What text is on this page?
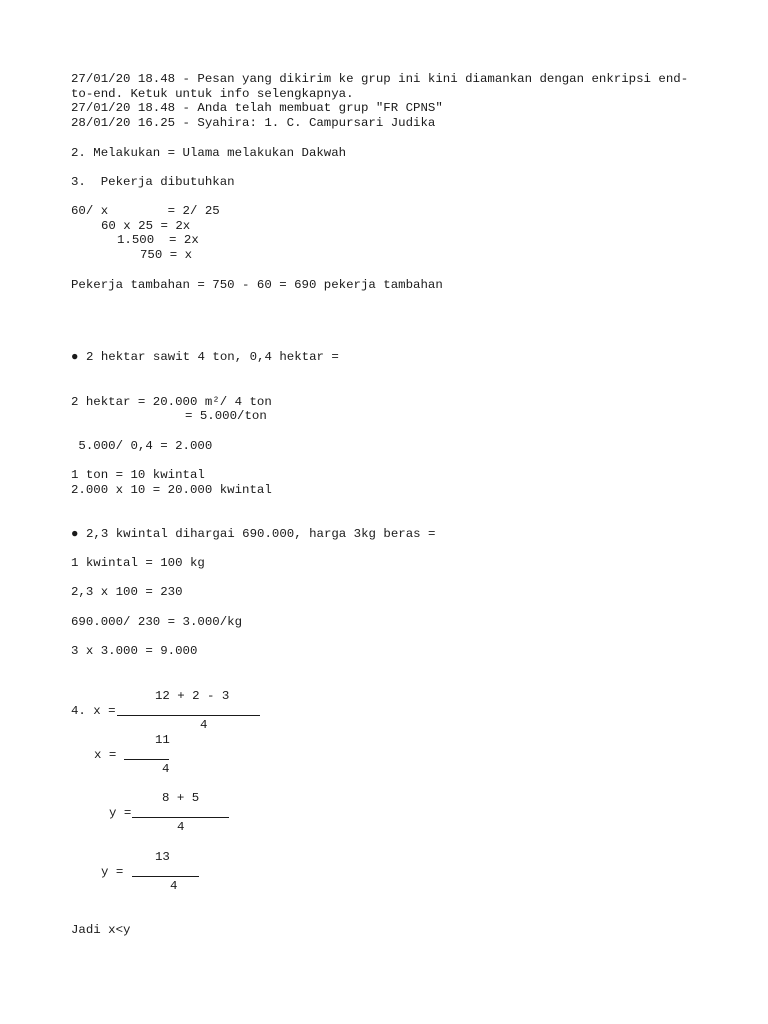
27/01/20 18.48 - Pesan yang dikirim ke grup ini kini diamankan dengan enkripsi end-
to-end. Ketuk untuk info selengkapnya.
27/01/20 18.48 - Anda telah membuat grup "FR CPNS"
28/01/20 16.25 - Syahira: 1. C. Campursari Judika
2. Melakukan = Ulama melakukan Dakwah
3.  Pekerja dibutuhkan
60/ x        = 2/ 25
60 x 25 = 2x
1.500  = 2x
750 = x
Pekerja tambahan = 750 - 60 = 690 pekerja tambahan
● 2 hektar sawit 4 ton, 0,4 hektar =
2 hektar = 20.000 m²/ 4 ton
= 5.000/ton
5.000/ 0,4 = 2.000
1 ton = 10 kwintal
2.000 x 10 = 20.000 kwintal
● 2,3 kwintal dihargai 690.000, harga 3kg beras =
1 kwintal = 100 kg
2,3 x 100 = 230
690.000/ 230 = 3.000/kg
3 x 3.000 = 9.000
12 + 2 - 3
4. x =
4
11
x =
4
8 + 5
y =
4
13
y =
4
Jadi x<y
